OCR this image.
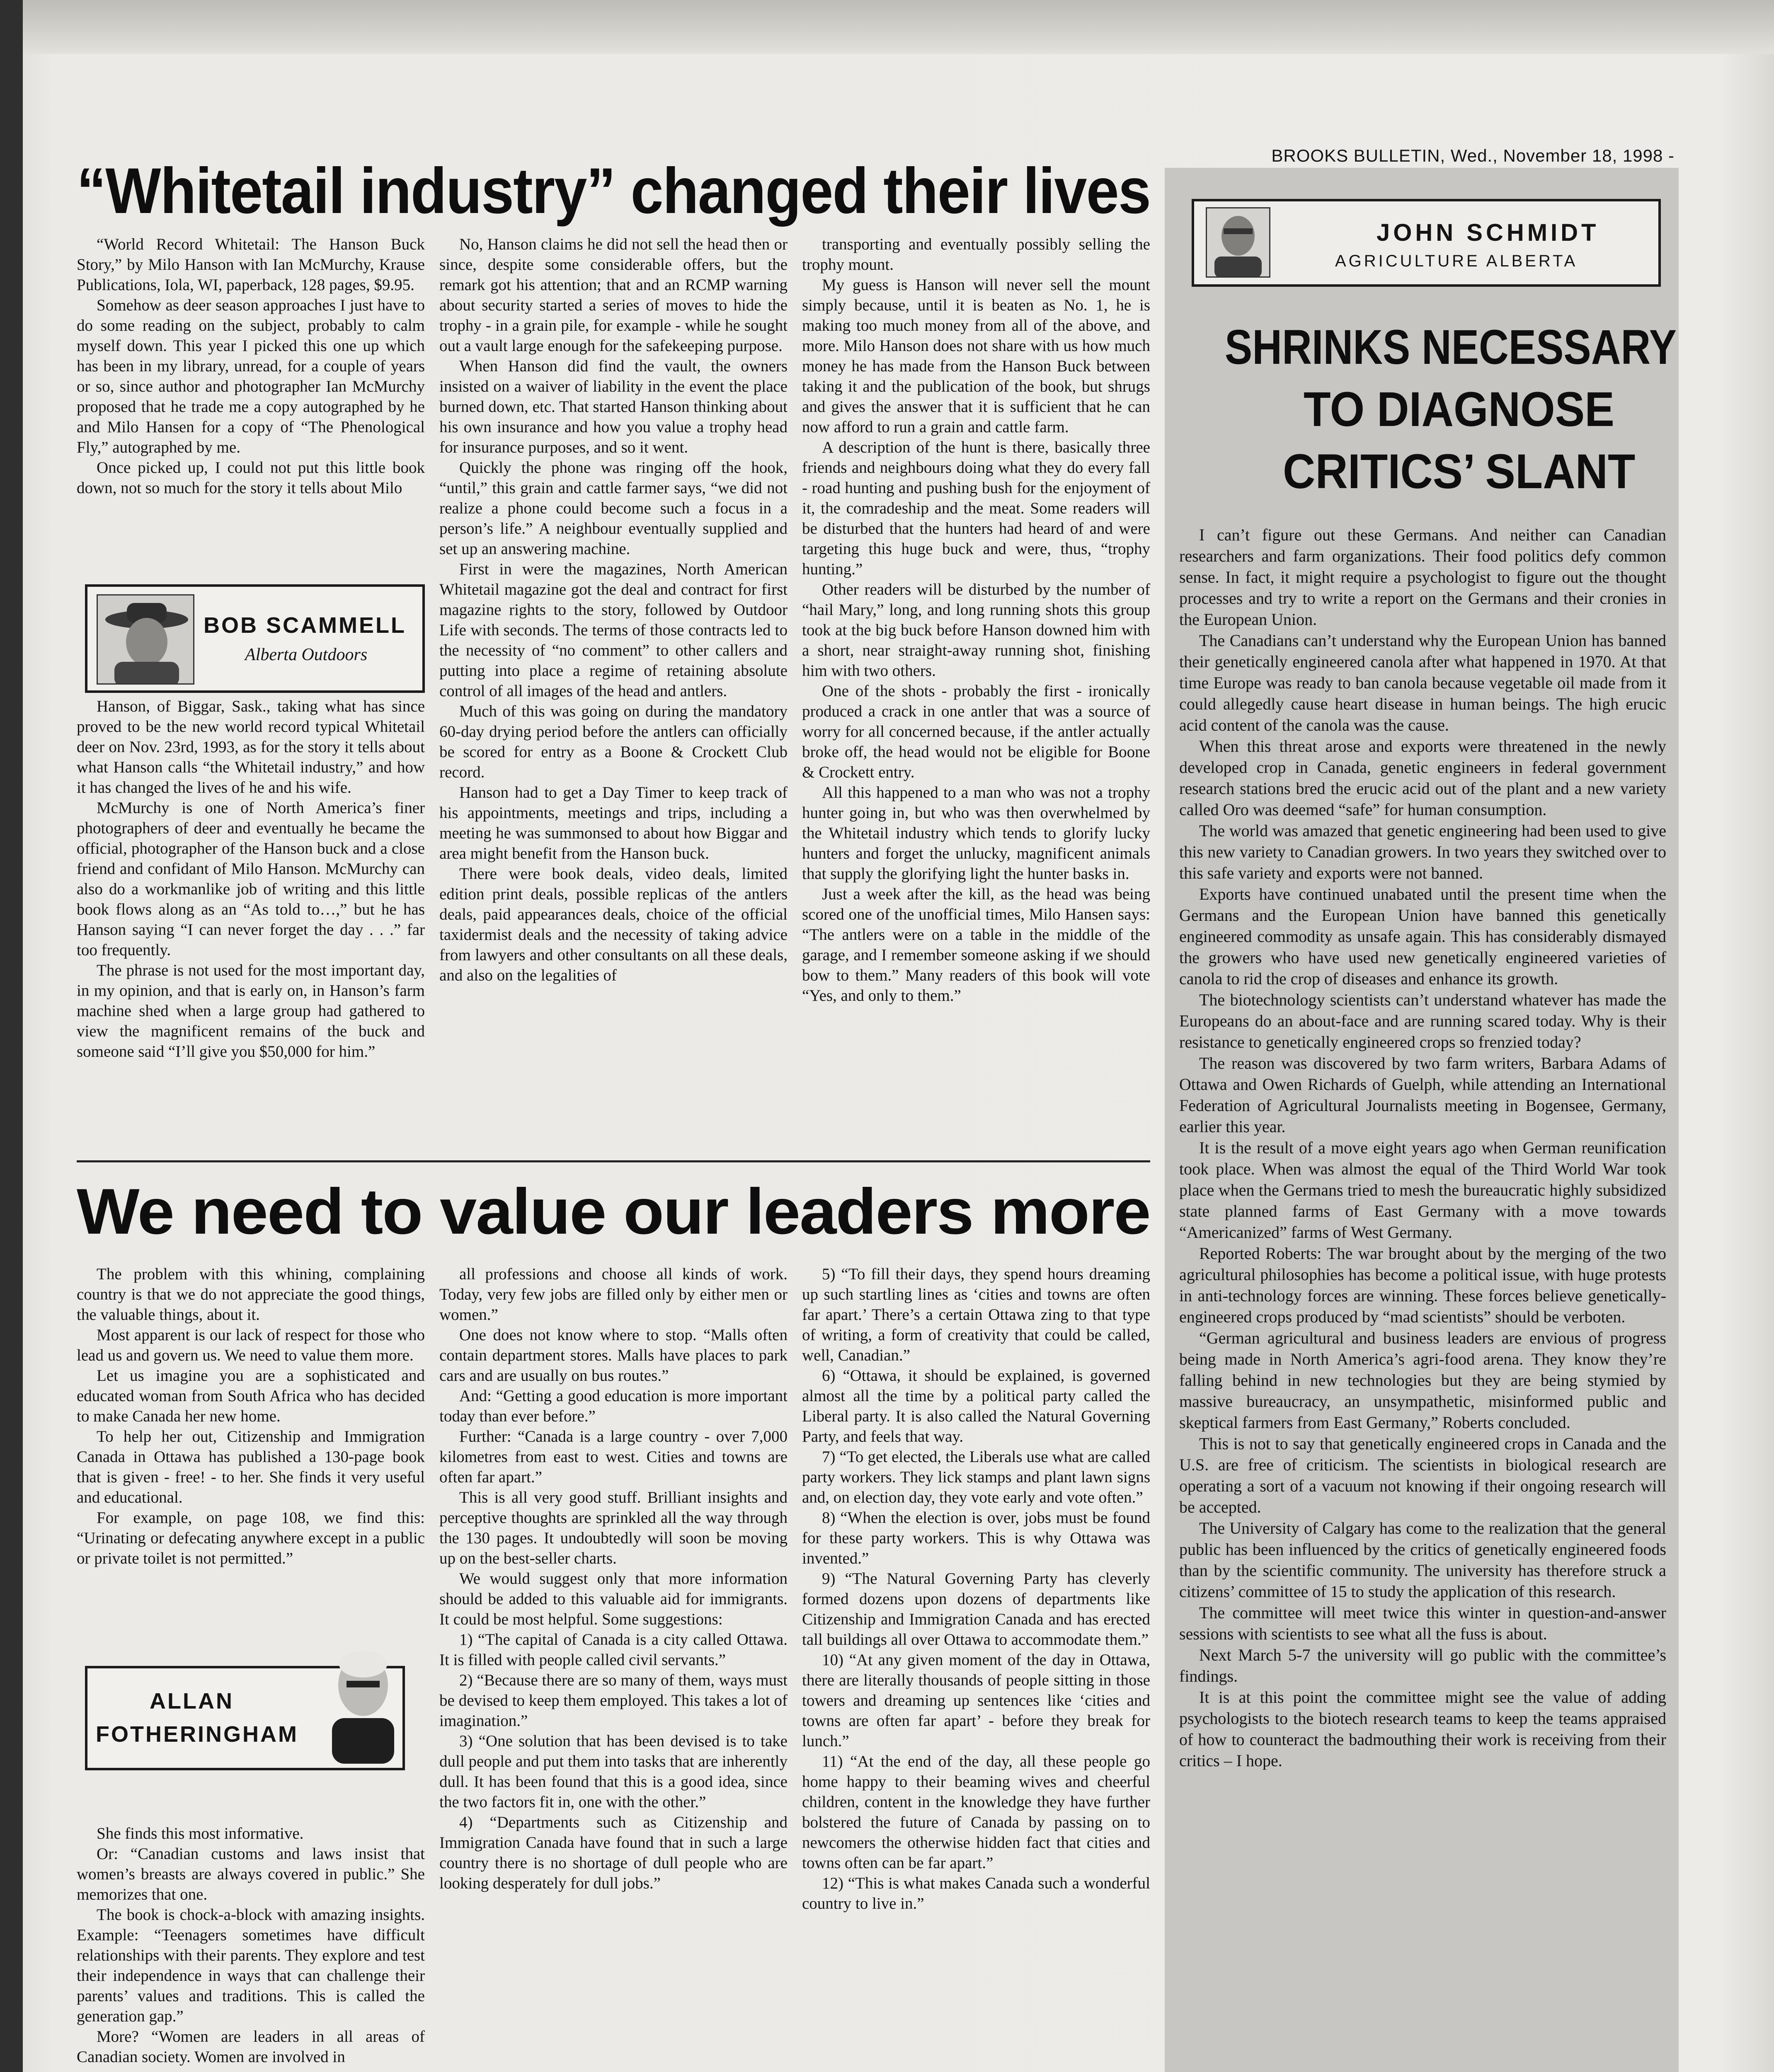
BROOKS BULLETIN, Wed., November 18, 1998 -
“Whitetail industry” changed their lives

“World Record Whitetail: The Hanson Buck Story,” by Milo Hanson with Ian McMurchy, Krause Publications, Iola, WI, paperback, 128 pages, $9.95.

Somehow as deer season approaches I just have to do some reading on the subject, probably to calm myself down. This year I picked this one up which has been in my library, unread, for a couple of years or so, since author and photographer Ian McMurchy proposed that he trade me a copy autographed by he and Milo Hansen for a copy of “The Phenological Fly,” autographed by me.

Once picked up, I could not put this little book down, not so much for the story it tells about Milo

BOB SCAMMELL
Alberta Outdoors

Hanson, of Biggar, Sask., taking what has since proved to be the new world record typical Whitetail deer on Nov. 23rd, 1993, as for the story it tells about what Hanson calls “the Whitetail industry,” and how it has changed the lives of he and his wife.

McMurchy is one of North America’s finer photographers of deer and eventually he became the official, photographer of the Hanson buck and a close friend and confidant of Milo Hanson. McMurchy can also do a workmanlike job of writing and this little book flows along as an “As told to…,” but he has Hanson saying “I can never forget the day . . .” far too frequently.

The phrase is not used for the most important day, in my opinion, and that is early on, in Hanson’s farm machine shed when a large group had gathered to view the magnificent remains of the buck and someone said “I’ll give you $50,000 for him.”

No, Hanson claims he did not sell the head then or since, despite some considerable offers, but the remark got his attention; that and an RCMP warning about security started a series of moves to hide the trophy - in a grain pile, for example - while he sought out a vault large enough for the safekeeping purpose.

When Hanson did find the vault, the owners insisted on a waiver of liability in the event the place burned down, etc. That started Hanson thinking about his own insurance and how you value a trophy head for insurance purposes, and so it went.

Quickly the phone was ringing off the hook, “until,” this grain and cattle farmer says, “we did not realize a phone could become such a focus in a person’s life.” A neighbour eventually supplied and set up an answering machine.

First in were the magazines, North American Whitetail magazine got the deal and contract for first magazine rights to the story, followed by Outdoor Life with seconds. The terms of those contracts led to the necessity of “no comment” to other callers and putting into place a regime of retaining absolute control of all images of the head and antlers.

Much of this was going on during the mandatory 60-day drying period before the antlers can officially be scored for entry as a Boone & Crockett Club record.

Hanson had to get a Day Timer to keep track of his appointments, meetings and trips, including a meeting he was summonsed to about how Biggar and area might benefit from the Hanson buck.

There were book deals, video deals, limited edition print deals, possible replicas of the antlers deals, paid appearances deals, choice of the official taxidermist deals and the necessity of taking advice from lawyers and other consultants on all these deals, and also on the legalities of

transporting and eventually possibly selling the trophy mount.

My guess is Hanson will never sell the mount simply because, until it is beaten as No. 1, he is making too much money from all of the above, and more. Milo Hanson does not share with us how much money he has made from the Hanson Buck between taking it and the publication of the book, but shrugs and gives the answer that it is sufficient that he can now afford to run a grain and cattle farm.

A description of the hunt is there, basically three friends and neighbours doing what they do every fall - road hunting and pushing bush for the enjoyment of it, the comradeship and the meat. Some readers will be disturbed that the hunters had heard of and were targeting this huge buck and were, thus, “trophy hunting.”

Other readers will be disturbed by the number of “hail Mary,” long, and long running shots this group took at the big buck before Hanson downed him with a short, near straight-away running shot, finishing him with two others.

One of the shots - probably the first - ironically produced a crack in one antler that was a source of worry for all concerned because, if the antler actually broke off, the head would not be eligible for Boone & Crockett entry.

All this happened to a man who was not a trophy hunter going in, but who was then overwhelmed by the Whitetail industry which tends to glorify lucky hunters and forget the unlucky, magnificent animals that supply the glorifying light the hunter basks in.

Just a week after the kill, as the head was being scored one of the unofficial times, Milo Hansen says: “The antlers were on a table in the middle of the garage, and I remember someone asking if we should bow to them.” Many readers of this book will vote “Yes, and only to them.”

JOHN SCHMIDT
AGRICULTURE ALBERTA
SHRINKS NECESSARY
TO DIAGNOSE
CRITICS’ SLANT

I can’t figure out these Germans. And neither can Canadian researchers and farm organizations. Their food politics defy common sense. In fact, it might require a psychologist to figure out the thought processes and try to write a report on the Germans and their cronies in the European Union.

The Canadians can’t understand why the European Union has banned their genetically engineered canola after what happened in 1970. At that time Europe was ready to ban canola because vegetable oil made from it could allegedly cause heart disease in human beings. The high erucic acid content of the canola was the cause.

When this threat arose and exports were threatened in the newly developed crop in Canada, genetic engineers in federal government research stations bred the erucic acid out of the plant and a new variety called Oro was deemed “safe” for human consumption.

The world was amazed that genetic engineering had been used to give this new variety to Canadian growers. In two years they switched over to this safe variety and exports were not banned.

Exports have continued unabated until the present time when the Germans and the European Union have banned this genetically engineered commodity as unsafe again. This has considerably dismayed the growers who have used new genetically engineered varieties of canola to rid the crop of diseases and enhance its growth.

The biotechnology scientists can’t understand whatever has made the Europeans do an about-face and are running scared today. Why is their resistance to genetically engineered crops so frenzied today?

The reason was discovered by two farm writers, Barbara Adams of Ottawa and Owen Richards of Guelph, while attending an International Federation of Agricultural Journalists meeting in Bogensee, Germany, earlier this year.

It is the result of a move eight years ago when German reunification took place. When was almost the equal of the Third World War took place when the Germans tried to mesh the bureaucratic highly subsidized state planned farms of East Germany with a move towards “Americanized” farms of West Germany.

Reported Roberts: The war brought about by the merging of the two agricultural philosophies has become a political issue, with huge protests in anti-technology forces are winning. These forces believe genetically-engineered crops produced by “mad scientists” should be verboten.

“German agricultural and business leaders are envious of progress being made in North America’s agri-food arena. They know they’re falling behind in new technologies but they are being stymied by massive bureaucracy, an unsympathetic, misinformed public and skeptical farmers from East Germany,” Roberts concluded.

This is not to say that genetically engineered crops in Canada and the U.S. are free of criticism. The scientists in biological research are operating a sort of a vacuum not knowing if their ongoing research will be accepted.

The University of Calgary has come to the realization that the general public has been influenced by the critics of genetically engineered foods than by the scientific community. The university has therefore struck a citizens’ committee of 15 to study the application of this research.

The committee will meet twice this winter in question-and-answer sessions with scientists to see what all the fuss is about.

Next March 5-7 the university will go public with the committee’s findings.

It is at this point the committee might see the value of adding psychologists to the biotech research teams to keep the teams appraised of how to counteract the badmouthing their work is receiving from their critics – I hope.

We need to value our leaders more

The problem with this whining, complaining country is that we do not appreciate the good things, the valuable things, about it.

Most apparent is our lack of respect for those who lead us and govern us. We need to value them more.

Let us imagine you are a sophisticated and educated woman from South Africa who has decided to make Canada her new home.

To help her out, Citizenship and Immigration Canada in Ottawa has published a 130-page book that is given - free! - to her. She finds it very useful and educational.

For example, on page 108, we find this: “Urinating or defecating anywhere except in a public or private toilet is not permitted.”

ALLAN
FOTHERINGHAM

She finds this most informative.

Or: “Canadian customs and laws insist that women’s breasts are always covered in public.” She memorizes that one.

The book is chock-a-block with amazing insights. Example: “Teenagers sometimes have difficult relationships with their parents. They explore and test their independence in ways that can challenge their parents’ values and traditions. This is called the generation gap.”

More? “Women are leaders in all areas of Canadian society. Women are involved in

all professions and choose all kinds of work. Today, very few jobs are filled only by either men or women.”

One does not know where to stop. “Malls often contain department stores. Malls have places to park cars and are usually on bus routes.”

And: “Getting a good education is more important today than ever before.”

Further: “Canada is a large country - over 7,000 kilometres from east to west. Cities and towns are often far apart.”

This is all very good stuff. Brilliant insights and perceptive thoughts are sprinkled all the way through the 130 pages. It undoubtedly will soon be moving up on the best-seller charts.

We would suggest only that more information should be added to this valuable aid for immigrants. It could be most helpful. Some suggestions:

1) “The capital of Canada is a city called Ottawa. It is filled with people called civil servants.”

2) “Because there are so many of them, ways must be devised to keep them employed. This takes a lot of imagination.”

3) “One solution that has been devised is to take dull people and put them into tasks that are inherently dull. It has been found that this is a good idea, since the two factors fit in, one with the other.”

4) “Departments such as Citizenship and Immigration Canada have found that in such a large country there is no shortage of dull people who are looking desperately for dull jobs.”

5) “To fill their days, they spend hours dreaming up such startling lines as ‘cities and towns are often far apart.’ There’s a certain Ottawa zing to that type of writing, a form of creativity that could be called, well, Canadian.”

6) “Ottawa, it should be explained, is governed almost all the time by a political party called the Liberal party. It is also called the Natural Governing Party, and feels that way.

7) “To get elected, the Liberals use what are called party workers. They lick stamps and plant lawn signs and, on election day, they vote early and vote often.”

8) “When the election is over, jobs must be found for these party workers. This is why Ottawa was invented.”

9) “The Natural Governing Party has cleverly formed dozens upon dozens of departments like Citizenship and Immigration Canada and has erected tall buildings all over Ottawa to accommodate them.”

10) “At any given moment of the day in Ottawa, there are literally thousands of people sitting in those towers and dreaming up sentences like ‘cities and towns are often far apart’ - before they break for lunch.”

11) “At the end of the day, all these people go home happy to their beaming wives and cheerful children, content in the knowledge they have further bolstered the future of Canada by passing on to newcomers the otherwise hidden fact that cities and towns often can be far apart.”

12) “This is what makes Canada such a wonderful country to live in.”
